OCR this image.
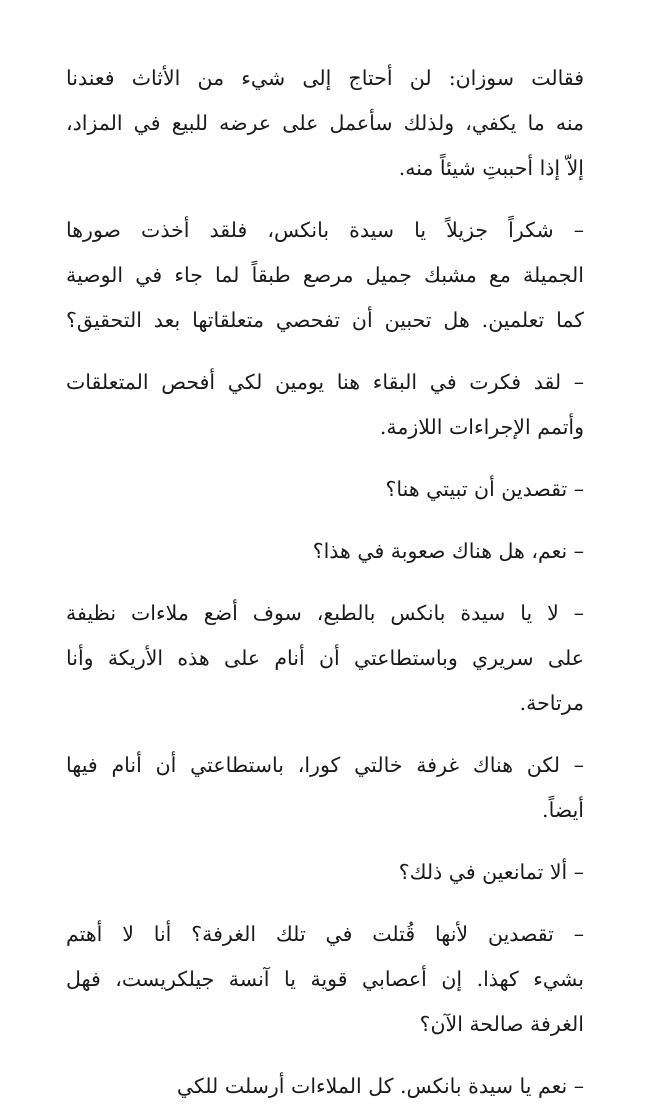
فقالت سوزان: لن أحتاج إلى شيء من الأثاث فعندنا
منه ما يكفي، ولذلك سأعمل على عرضه للبيع في المزاد،
إلاّ إذا أحببتِ شيئاً منه.

– شكراً جزيلاً يا سيدة بانكس، فلقد أخذت صورها
الجميلة مع مشبك جميل مرصع طبقاً لما جاء في الوصية
كما تعلمين. هل تحبين أن تفحصي متعلقاتها بعد التحقيق؟

– لقد فكرت في البقاء هنا يومين لكي أفحص المتعلقات
وأتمم الإجراءات اللازمة.

– تقصدين أن تبيتي هنا؟

– نعم، هل هناك صعوبة في هذا؟

– لا يا سيدة بانكس بالطبع، سوف أضع ملاءات نظيفة
على سريري وباستطاعتي أن أنام على هذه الأريكة وأنا
مرتاحة.

– لكن هناك غرفة خالتي كورا، باستطاعتي أن أنام فيها
أيضاً.

– ألا تمانعين في ذلك؟

– تقصدين لأنها قُتلت في تلك الغرفة؟ أنا لا أهتم
بشيء كهذا. إن أعصابي قوية يا آنسة جيلكريست، فهل
الغرفة صالحة الآن؟

– نعم يا سيدة بانكس. كل الملاءات أرسلت للكي
